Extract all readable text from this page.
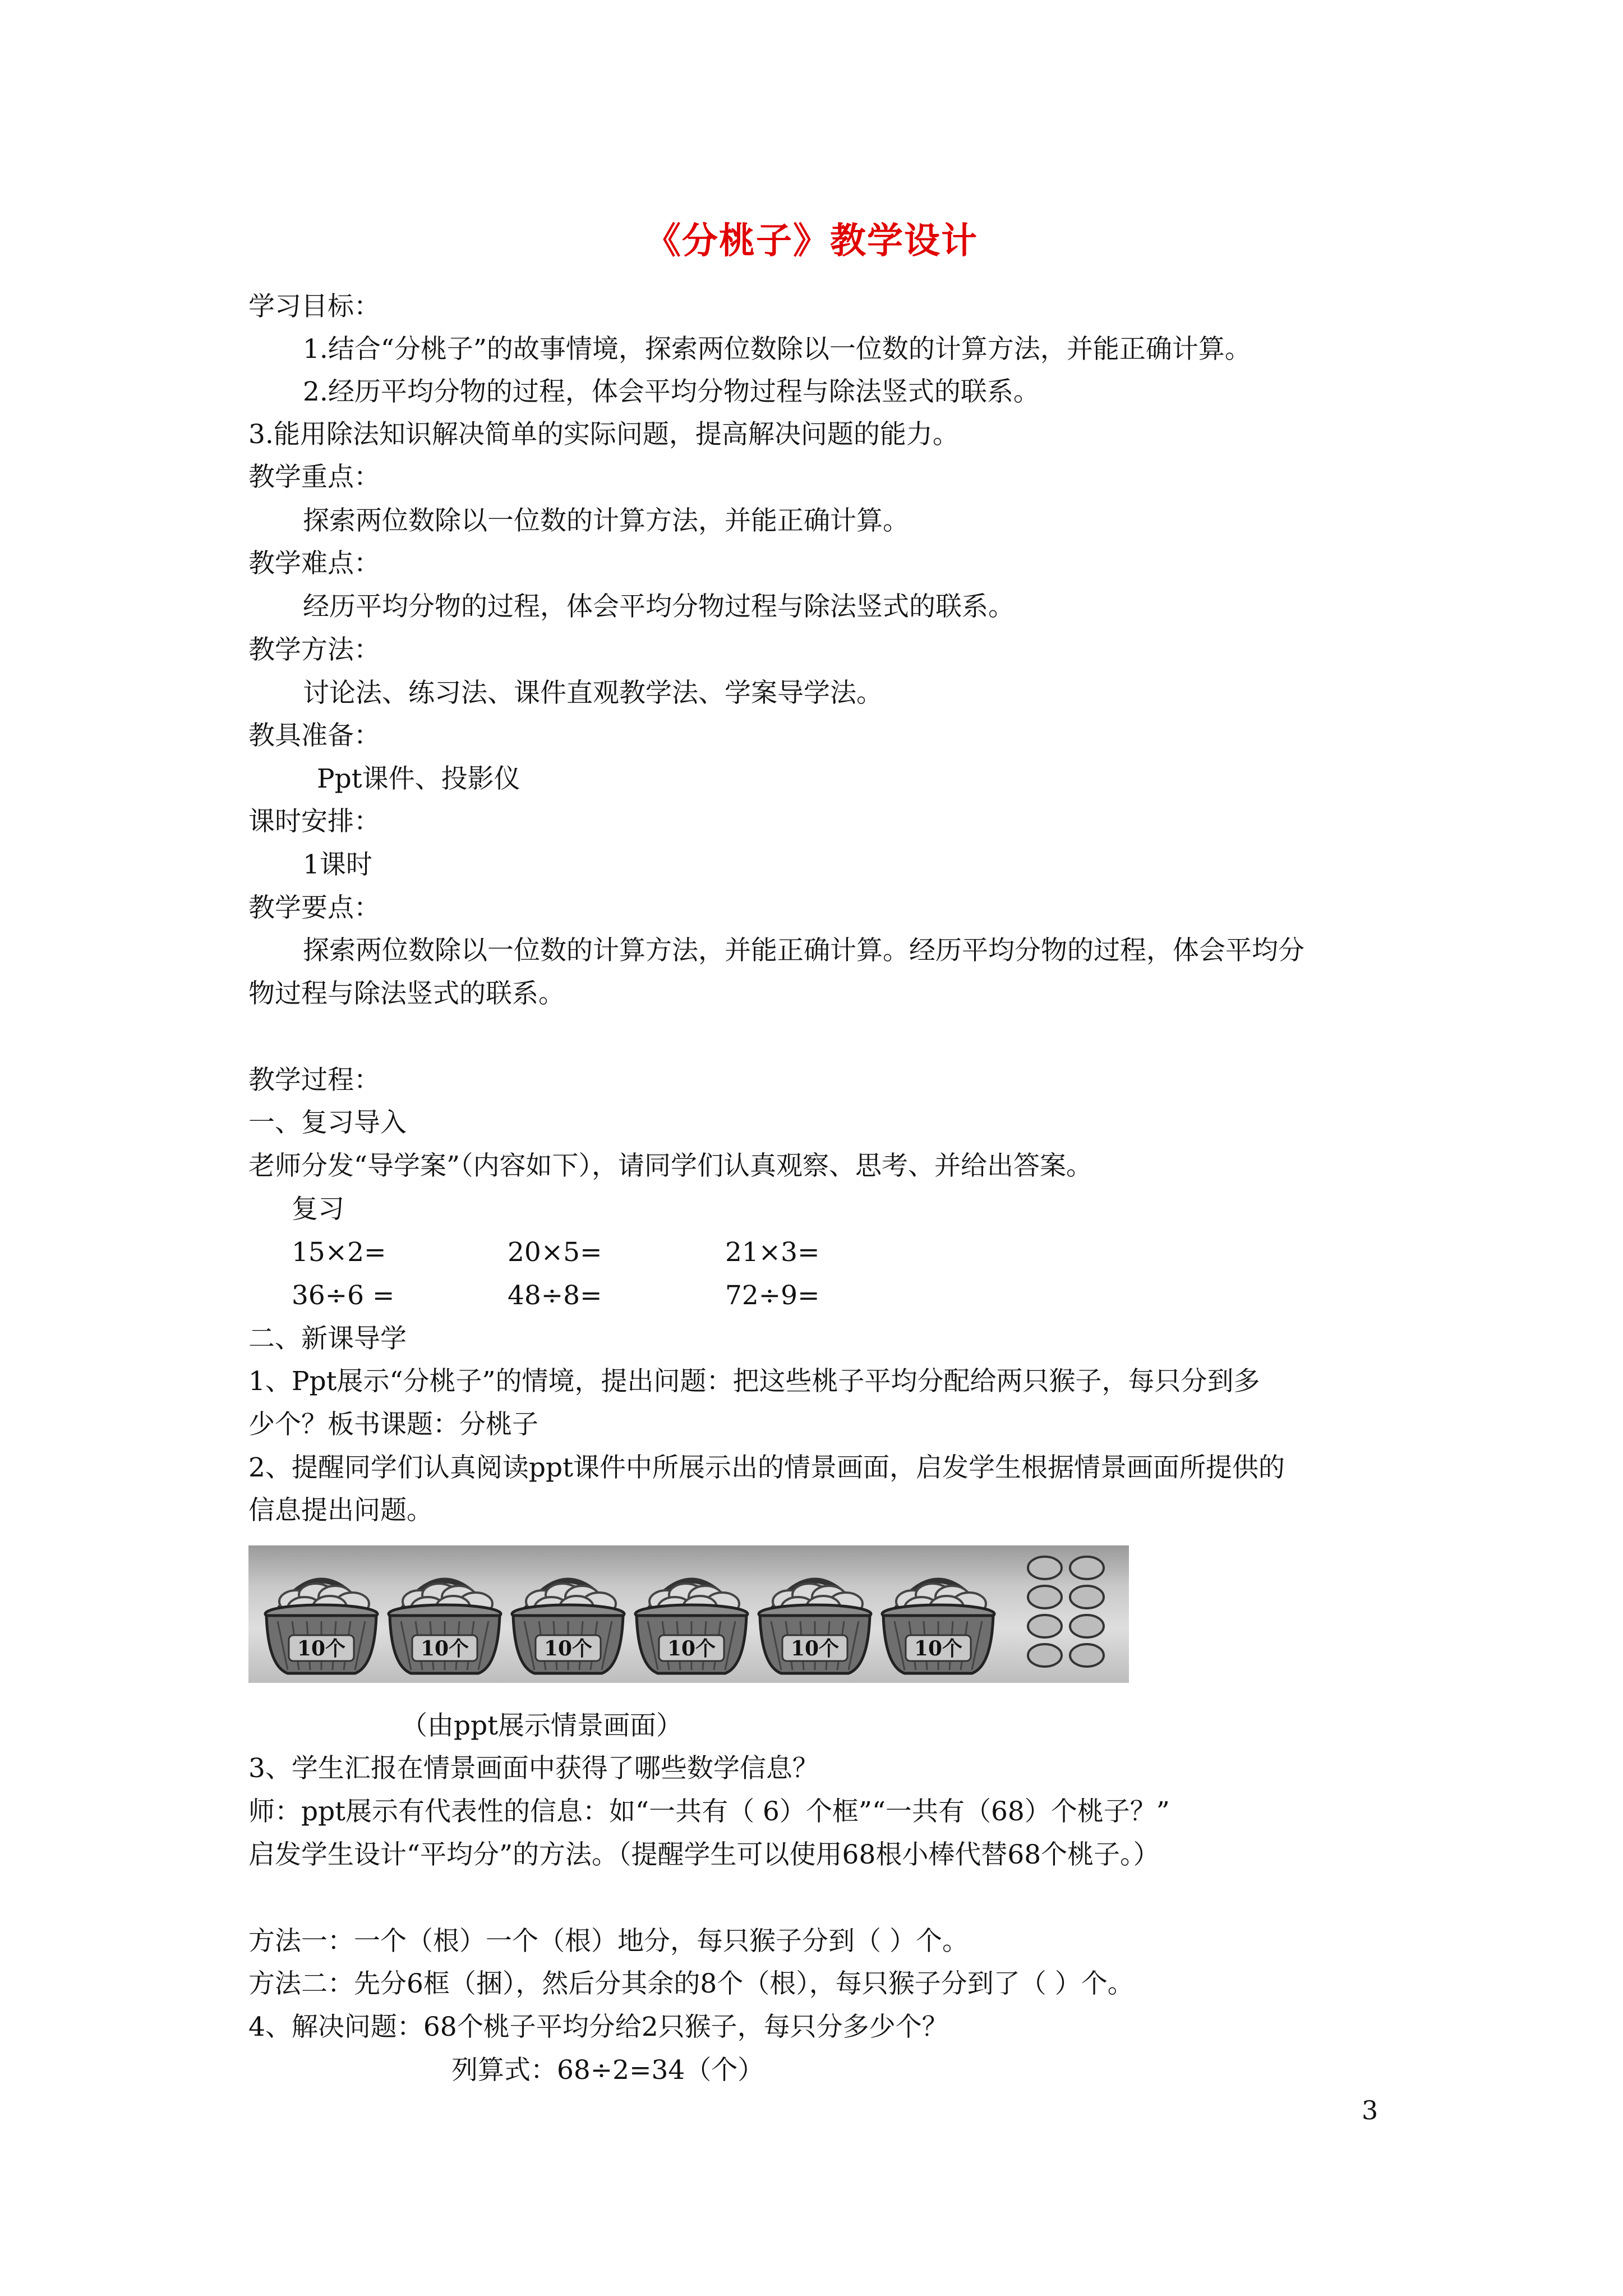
《分桃子》教学设计
学习目标：
1.结合“分桃子”的故事情境，探索两位数除以一位数的计算方法，并能正确计算。
2.经历平均分物的过程，体会平均分物过程与除法竖式的联系。
3.能用除法知识解决简单的实际问题，提高解决问题的能力。
教学重点：
探索两位数除以一位数的计算方法，并能正确计算。
教学难点：
经历平均分物的过程，体会平均分物过程与除法竖式的联系。
教学方法：
讨论法、练习法、课件直观教学法、学案导学法。
教具准备：
Ppt课件、投影仪
课时安排：
1课时
教学要点：
探索两位数除以一位数的计算方法，并能正确计算。经历平均分物的过程，体会平均分
物过程与除法竖式的联系。
教学过程：
一、复习导入
老师分发“导学案”（内容如下），请同学们认真观察、思考、并给出答案。
复习
15×2=	20×5=	21×3=
36÷6 =	48÷8=	72÷9=
二、新课导学
1、Ppt展示“分桃子”的情境，提出问题：把这些桃子平均分配给两只猴子，每只分到多
少个？板书课题：分桃子
2、提醒同学们认真阅读ppt课件中所展示出的情景画面，启发学生根据情景画面所提供的
信息提出问题。
10个	10个	10个	10个	10个	10个
（由ppt展示情景画面）
3、学生汇报在情景画面中获得了哪些数学信息？
师：ppt展示有代表性的信息：如“一共有（ 6）个框”“一共有（68）个桃子？”
启发学生设计“平均分”的方法。（提醒学生可以使用68根小棒代替68个桃子。）
方法一：一个（根）一个（根）地分，每只猴子分到（ ）个。
方法二：先分6框（捆），然后分其余的8个（根），每只猴子分到了（ ）个。
4、解决问题：68个桃子平均分给2只猴子，每只分多少个？
列算式：68÷2=34（个）
3
